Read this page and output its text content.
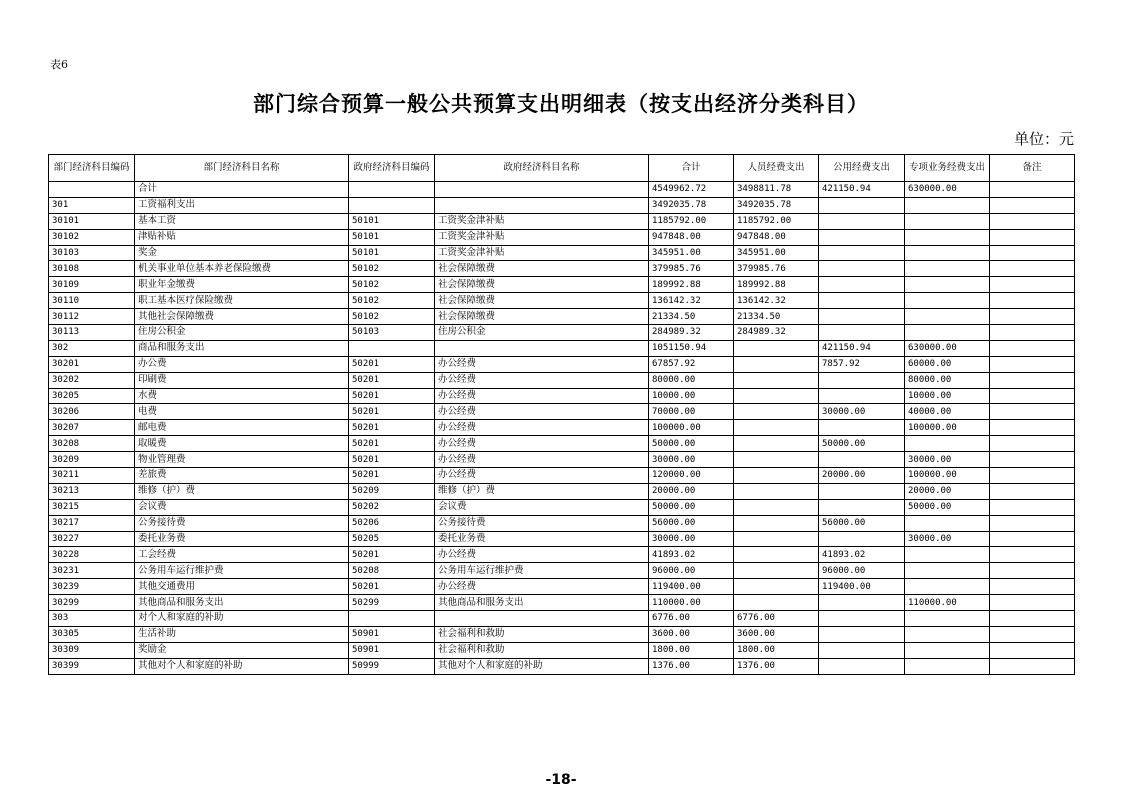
表6
部门综合预算一般公共预算支出明细表（按支出经济分类科目）
单位：元
部门经济科目编码	部门经济科目名称	政府经济科目编码	政府经济科目名称	合计	人员经费支出	公用经费支出	专项业务经费支出	备注
	合计			4549962.72	3498811.78	421150.94	630000.00	
301	工资福利支出			3492035.78	3492035.78			
30101	基本工资	50101	工资奖金津补贴	1185792.00	1185792.00			
30102	津贴补贴	50101	工资奖金津补贴	947848.00	947848.00			
30103	奖金	50101	工资奖金津补贴	345951.00	345951.00			
30108	机关事业单位基本养老保险缴费	50102	社会保障缴费	379985.76	379985.76			
30109	职业年金缴费	50102	社会保障缴费	189992.88	189992.88			
30110	职工基本医疗保险缴费	50102	社会保障缴费	136142.32	136142.32			
30112	其他社会保障缴费	50102	社会保障缴费	21334.50	21334.50			
30113	住房公积金	50103	住房公积金	284989.32	284989.32			
302	商品和服务支出			1051150.94		421150.94	630000.00	
30201	办公费	50201	办公经费	67857.92		7857.92	60000.00	
30202	印刷费	50201	办公经费	80000.00			80000.00	
30205	水费	50201	办公经费	10000.00			10000.00	
30206	电费	50201	办公经费	70000.00		30000.00	40000.00	
30207	邮电费	50201	办公经费	100000.00			100000.00	
30208	取暖费	50201	办公经费	50000.00		50000.00		
30209	物业管理费	50201	办公经费	30000.00			30000.00	
30211	差旅费	50201	办公经费	120000.00		20000.00	100000.00	
30213	维修（护）费	50209	维修（护）费	20000.00			20000.00	
30215	会议费	50202	会议费	50000.00			50000.00	
30217	公务接待费	50206	公务接待费	56000.00		56000.00		
30227	委托业务费	50205	委托业务费	30000.00			30000.00	
30228	工会经费	50201	办公经费	41893.02		41893.02		
30231	公务用车运行维护费	50208	公务用车运行维护费	96000.00		96000.00		
30239	其他交通费用	50201	办公经费	119400.00		119400.00		
30299	其他商品和服务支出	50299	其他商品和服务支出	110000.00			110000.00	
303	对个人和家庭的补助			6776.00	6776.00			
30305	生活补助	50901	社会福利和救助	3600.00	3600.00			
30309	奖励金	50901	社会福利和救助	1800.00	1800.00			
30399	其他对个人和家庭的补助	50999	其他对个人和家庭的补助	1376.00	1376.00			
-18-
